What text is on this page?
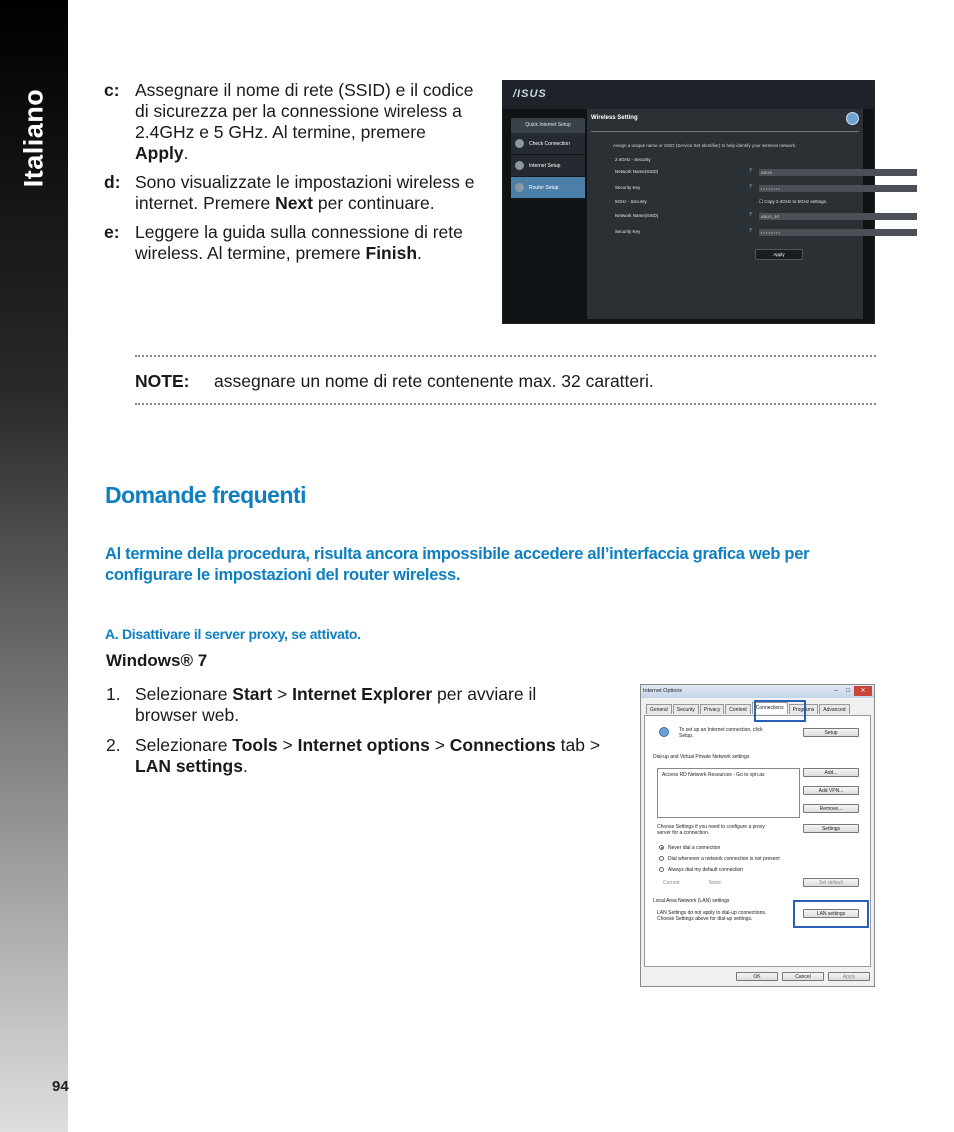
Italiano
94
c: Assegnare il nome di rete (SSID) e il codice di sicurezza per la connessione wireless a 2.4GHz e 5 GHz. Al termine, premere Apply.
d: Sono visualizzate le impostazioni wireless e internet. Premere Next per continuare.
e: Leggere la guida sulla connessione di rete wireless. Al termine, premere Finish.
/ISUS
Quick Internet Setup
Check Connection
Internet Setup
Router Setup
Wireless Setting
Assign a unique name or SSID (Service Set Identifier) to help identify your wireless network.
2.4GHz - Security
Network Name(SSID)	?	ASUS
Security Key	?	• • • • • • • •
5GHz - Security	☐ Copy 2.4GHz to 5GHz settings.
Network Name(SSID)	?	ASUS_5G
Security Key	?	• • • • • • • •
Apply
NOTE:	assegnare un nome di rete contenente max. 32 caratteri.
Domande frequenti
Al termine della procedura, risulta ancora impossibile accedere all’interfaccia grafica web per configurare le impostazioni del router wireless.
A. Disattivare il server proxy, se attivato.
Windows® 7
1. Selezionare Start > Internet Explorer per avviare il browser web.
2. Selezionare Tools > Internet options > Connections tab > LAN settings.
Internet Options	–	□	✕
General	Security	Privacy	Content	Connections	Programs	Advanced
To set up an Internet connection, click
Setup.	Setup
Dial-up and Virtual Private Network settings
Access RD Network Resources - Go to vpn.as	Add...
Add VPN...
Remove...
Choose Settings if you need to configure a proxy
server for a connection.
Settings
Never dial a connection
Dial whenever a network connection is not present
Always dial my default connection
Current	None	Set default
Local Area Network (LAN) settings
LAN Settings do not apply to dial-up connections.
Choose Settings above for dial-up settings.
LAN settings
OK	Cancel	Apply
